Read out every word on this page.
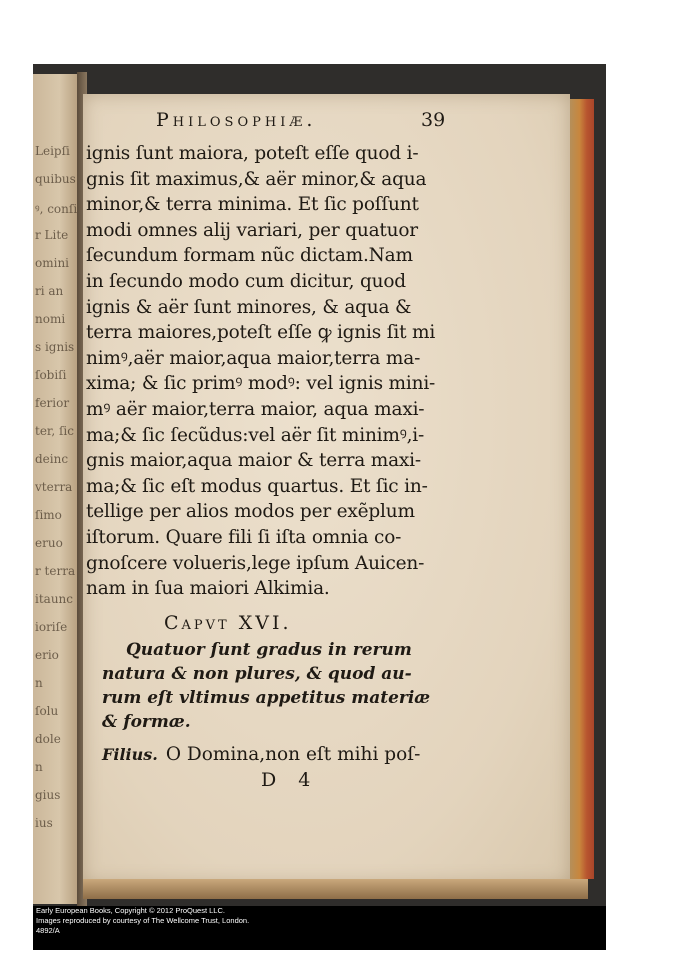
Leipſi
quibus
ꝰ, conſi
r Lite
omini
ri an
nomi
s ignis
ſobiſi
ferior
ter, ſic
deinc
vterra
ſimo
eruo
r terra
itaunc
ioriſe
erio
n
ſolu
dole
n
gius
ius
Philosophiæ.	39
ignis ſunt maiora, poteſt eſſe quod i-
gnis ſit maximus,& aër minor,& aqua
minor,& terra minima. Et ſic poſſunt
modi omnes alij variari, per quatuor
ſecundum formam nũc dictam.Nam
in ſecundo modo cum dicitur, quod
ignis & aër ſunt minores, & aqua &
terra maiores,poteſt eſſe ꝙ ignis ſit mi
nimꝰ,aër maior,aqua maior,terra ma-
xima; & ſic primꝰ modꝰ: vel ignis mini-
mꝰ aër maior,terra maior, aqua maxi-
ma;& ſic ſecũdus:vel aër ſit minimꝰ,i-
gnis maior,aqua maior & terra maxi-
ma;& ſic eſt modus quartus. Et ſic in-
tellige per alios modos per exẽplum
iſtorum. Quare fili ſi iſta omnia co-
gnoſcere volueris,lege ipſum Auicen-
nam in ſua maiori Alkimia.
Capvt XVI.
Quatuor ſunt gradus in rerum
natura & non plures, & quod au-
rum eſt vltimus appetitus materiæ
& formæ.
Filius. O Domina,non eſt mihi poſ-
D 4
Early European Books, Copyright © 2012 ProQuest LLC.
Images reproduced by courtesy of The Wellcome Trust, London.
4892/A
